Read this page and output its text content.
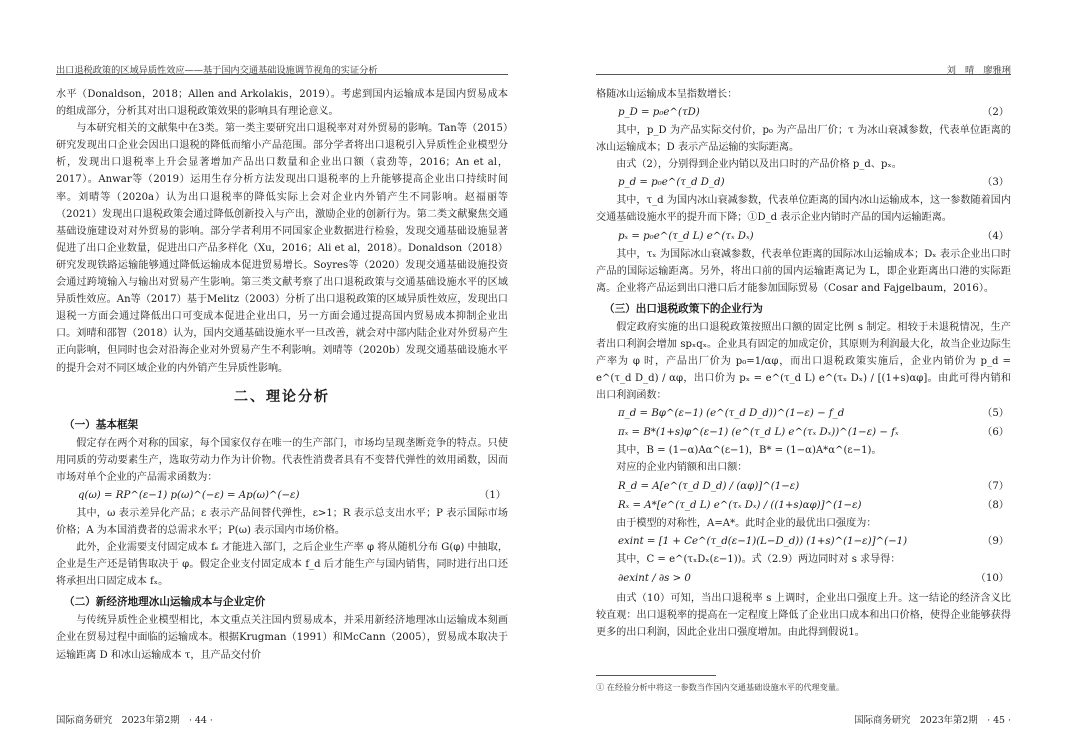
出口退税政策的区域异质性效应——基于国内交通基础设施调节视角的实证分析	刘　晴　廖雅琍
水平（Donaldson，2018；Allen and Arkolakis，2019）。考虑到国内运输成本是国内贸易成本的组成部分，分析其对出口退税政策效果的影响具有理论意义。
与本研究相关的文献集中在3类。第一类主要研究出口退税率对对外贸易的影响。Tan等（2015）研究发现出口企业会因出口退税的降低而缩小产品范围。部分学者将出口退税引入异质性企业模型分析，发现出口退税率上升会显著增加产品出口数量和企业出口额（袁劲等，2016；An et al，2017）。Anwar等（2019）运用生存分析方法发现出口退税率的上升能够提高企业出口持续时间率。刘晴等（2020a）认为出口退税率的降低实际上会对企业内外销产生不同影响。赵福丽等（2021）发现出口退税政策会通过降低创新投入与产出，激励企业的创新行为。第二类文献聚焦交通基础设施建设对对外贸易的影响。部分学者利用不同国家企业数据进行检验，发现交通基础设施显著促进了出口企业数量，促进出口产品多样化（Xu，2016；Ali et al，2018）。Donaldson（2018）研究发现铁路运输能够通过降低运输成本促进贸易增长。Soyres等（2020）发现交通基础设施投资会通过跨境输入与输出对贸易产生影响。第三类文献考察了出口退税政策与交通基础设施水平的区域异质性效应。An等（2017）基于Melitz（2003）分析了出口退税政策的区域异质性效应，发现出口退税一方面会通过降低出口可变成本促进企业出口，另一方面会通过提高国内贸易成本抑制企业出口。刘晴和邵智（2018）认为，国内交通基础设施水平一旦改善，就会对中部内陆企业对外贸易产生正向影响，但同时也会对沿海企业对外贸易产生不利影响。刘晴等（2020b）发现交通基础设施水平的提升会对不同区域企业的内外销产生异质性影响。
二、理论分析
（一）基本框架
假定存在两个对称的国家，每个国家仅存在唯一的生产部门，市场均呈现垄断竞争的特点。只使用同质的劳动要素生产，选取劳动力作为计价物。代表性消费者具有不变替代弹性的效用函数，因而市场对单个企业的产品需求函数为：
q(ω) = RP^(ε−1) p(ω)^(−ε) = Ap(ω)^(−ε)	（1）
其中，ω 表示差异化产品；ε 表示产品间替代弹性，ε>1；R 表示总支出水平；P 表示国际市场价格；A 为本国消费者的总需求水平；P(ω) 表示国内市场价格。
此外，企业需要支付固定成本 fₑ 才能进入部门，之后企业生产率 φ 将从随机分布 G(φ) 中抽取，企业是生产还是销售取决于 φ。假定企业支付固定成本 f_d 后才能生产与国内销售，同时进行出口还将承担出口固定成本 fₓ。
（二）新经济地理冰山运输成本与企业定价
与传统异质性企业模型相比，本文重点关注国内贸易成本，并采用新经济地理冰山运输成本刻画企业在贸易过程中面临的运输成本。根据Krugman（1991）和McCann（2005），贸易成本取决于运输距离 D 和冰山运输成本 τ，且产品交付价
格随冰山运输成本呈指数增长：
p_D = p₀e^(τD)	（2）
其中，p_D 为产品实际交付价，p₀ 为产品出厂价；τ 为冰山衰减参数，代表单位距离的冰山运输成本；D 表示产品运输的实际距离。
由式（2），分别得到企业内销以及出口时的产品价格 p_d、pₓ。
p_d = p₀e^(τ_d D_d)	（3）
其中，τ_d 为国内冰山衰减参数，代表单位距离的国内冰山运输成本，这一参数随着国内交通基础设施水平的提升而下降；①D_d 表示企业内销时产品的国内运输距离。
pₓ = p₀e^(τ_d L) e^(τₓ Dₓ)	（4）
其中，τₓ 为国际冰山衰减参数，代表单位距离的国际冰山运输成本；Dₓ 表示企业出口时产品的国际运输距离。另外，将出口前的国内运输距离记为 L，即企业距离出口港的实际距离。企业将产品运到出口港口后才能参加国际贸易（Cosar and Fajgelbaum，2016）。
（三）出口退税政策下的企业行为
假定政府实施的出口退税政策按照出口额的固定比例 s 制定。相较于未退税情况，生产者出口利润会增加 spₓqₓ。企业具有固定的加成定价，其原则为利润最大化，故当企业边际生产率为 φ 时，产品出厂价为 p₀=1/αφ，而出口退税政策实施后，企业内销价为 p_d = e^(τ_d D_d) / αφ，出口价为 pₓ = e^(τ_d L) e^(τₓ Dₓ) / [(1+s)αφ]。由此可得内销和出口利润函数：
π_d = Bφ^(ε−1) (e^(τ_d D_d))^(1−ε) − f_d	（5）
πₓ = B*(1+s)φ^(ε−1) (e^(τ_d L) e^(τₓ Dₓ))^(1−ε) − fₓ	（6）
其中，B = (1−α)Aα^(ε−1)，B* = (1−α)A*α^(ε−1)。
对应的企业内销额和出口额：
R_d = A[e^(τ_d D_d) / (αφ)]^(1−ε)	（7）
Rₓ = A*[e^(τ_d L) e^(τₓ Dₓ) / ((1+s)αφ)]^(1−ε)	（8）
由于模型的对称性，A=A*。此时企业的最优出口强度为：
exint = [1 + Ce^(τ_d(ε−1)(L−D_d)) (1+s)^(1−ε)]^(−1)	（9）
其中，C = e^(τₓDₓ(ε−1))。式（2.9）两边同时对 s 求导得：
∂exint / ∂s > 0	（10）
由式（10）可知，当出口退税率 s 上调时，企业出口强度上升。这一结论的经济含义比较直观：出口退税率的提高在一定程度上降低了企业出口成本和出口价格，使得企业能够获得更多的出口利润，因此企业出口强度增加。由此得到假说1。
① 在经验分析中将这一参数当作国内交通基础设施水平的代理变量。
国际商务研究　2023年第2期　· 44 ·	国际商务研究　2023年第2期　· 45 ·
